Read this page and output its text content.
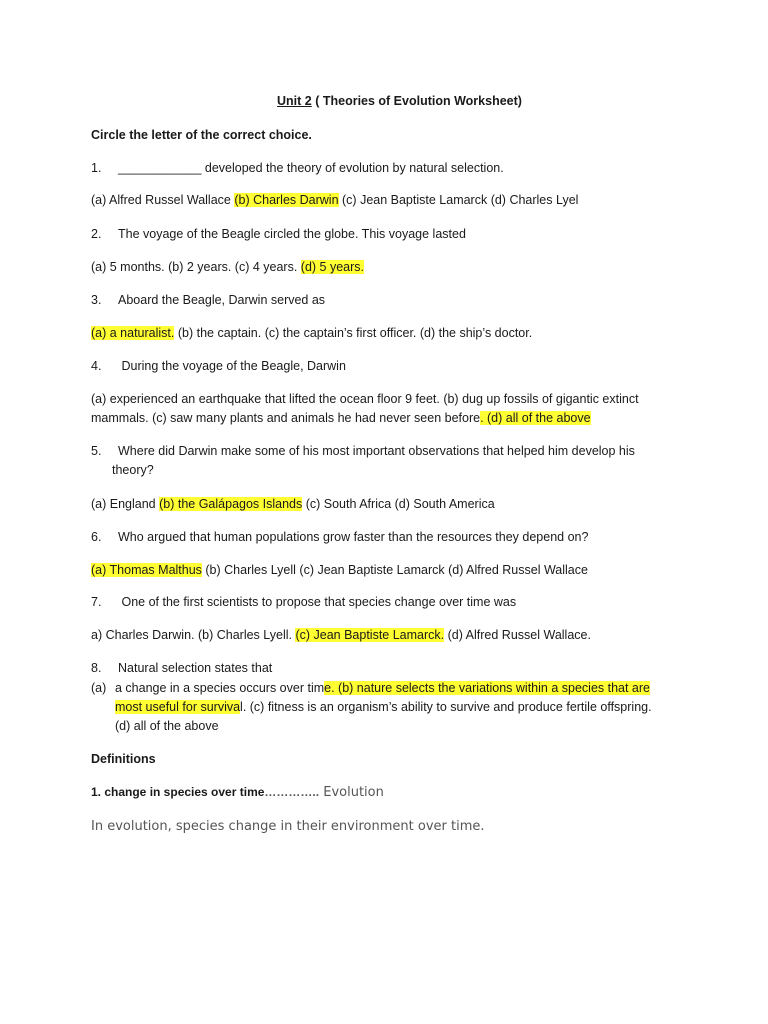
Unit 2 ( Theories of Evolution Worksheet)
Circle the letter of the correct choice.
1. ____________ developed the theory of evolution by natural selection.
(a) Alfred Russel Wallace (b) Charles Darwin (c) Jean Baptiste Lamarck (d) Charles Lyel
2. The voyage of the Beagle circled the globe. This voyage lasted
(a) 5 months. (b) 2 years. (c) 4 years. (d) 5 years.
3. Aboard the Beagle, Darwin served as
(a) a naturalist. (b) the captain. (c) the captain’s first officer. (d) the ship’s doctor.
4. During the voyage of the Beagle, Darwin
(a) experienced an earthquake that lifted the ocean floor 9 feet. (b) dug up fossils of gigantic extinct
mammals. (c) saw many plants and animals he had never seen before. (d) all of the above
5. Where did Darwin make some of his most important observations that helped him develop his
theory?
(a) England (b) the Galápagos Islands (c) South Africa (d) South America
6. Who argued that human populations grow faster than the resources they depend on?
(a) Thomas Malthus (b) Charles Lyell (c) Jean Baptiste Lamarck (d) Alfred Russel Wallace
7. One of the first scientists to propose that species change over time was
a) Charles Darwin. (b) Charles Lyell. (c) Jean Baptiste Lamarck. (d) Alfred Russel Wallace.
8. Natural selection states that
(a) a change in a species occurs over time. (b) nature selects the variations within a species that are
most useful for survival. (c) fitness is an organism’s ability to survive and produce fertile offspring.
(d) all of the above
Definitions
1. change in species over time………….. Evolution
In evolution, species change in their environment over time.
